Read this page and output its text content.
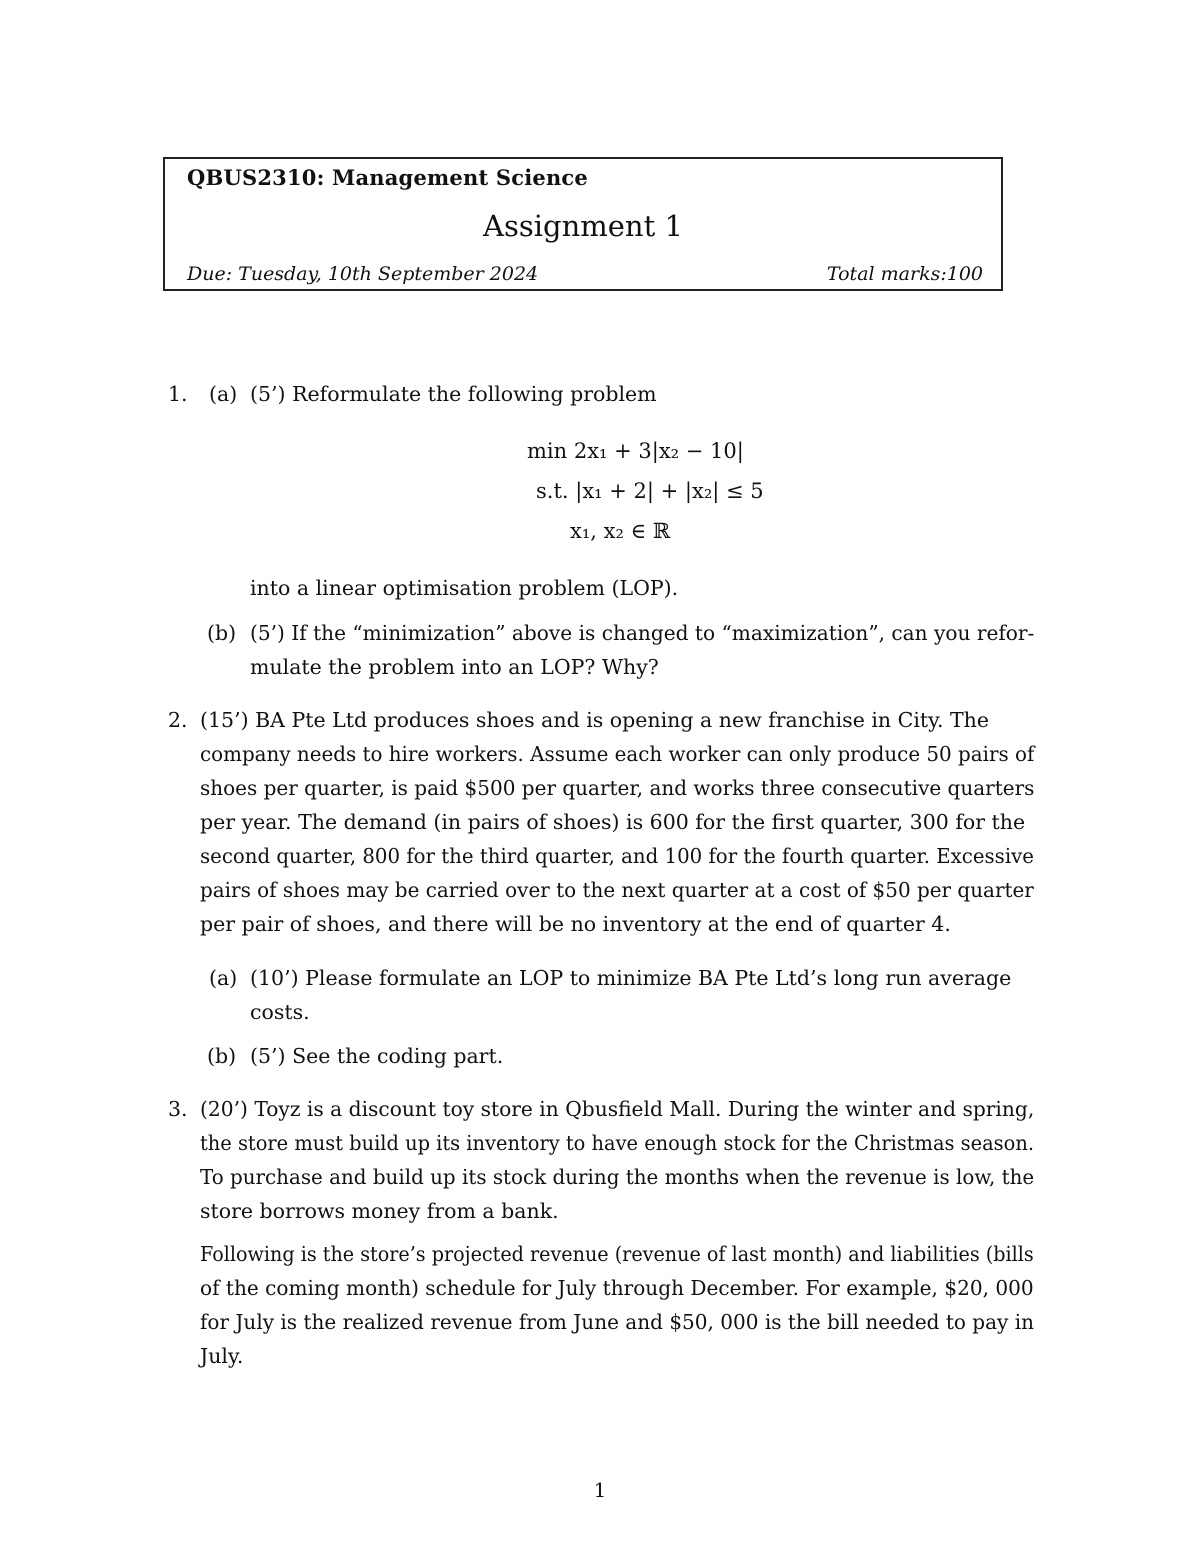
QBUS2310: Management Science
Assignment 1
Due: Tuesday, 10th September 2024	Total marks:100
1. (a) (5’) Reformulate the following problem
min 2x₁ + 3|x₂ − 10|
s.t. |x₁ + 2| + |x₂| ≤ 5
x₁, x₂ ∈ ℝ
into a linear optimisation problem (LOP).
(b) (5’) If the “minimization” above is changed to “maximization”, can you refor-
mulate the problem into an LOP? Why?
2. (15’) BA Pte Ltd produces shoes and is opening a new franchise in City. The
company needs to hire workers. Assume each worker can only produce 50 pairs of
shoes per quarter, is paid $500 per quarter, and works three consecutive quarters
per year. The demand (in pairs of shoes) is 600 for the first quarter, 300 for the
second quarter, 800 for the third quarter, and 100 for the fourth quarter. Excessive
pairs of shoes may be carried over to the next quarter at a cost of $50 per quarter
per pair of shoes, and there will be no inventory at the end of quarter 4.
(a) (10’) Please formulate an LOP to minimize BA Pte Ltd’s long run average
costs.
(b) (5’) See the coding part.
3. (20’) Toyz is a discount toy store in Qbusfield Mall. During the winter and spring,
the store must build up its inventory to have enough stock for the Christmas season.
To purchase and build up its stock during the months when the revenue is low, the
store borrows money from a bank.
Following is the store’s projected revenue (revenue of last month) and liabilities (bills
of the coming month) schedule for July through December. For example, $20, 000
for July is the realized revenue from June and $50, 000 is the bill needed to pay in
July.
1
